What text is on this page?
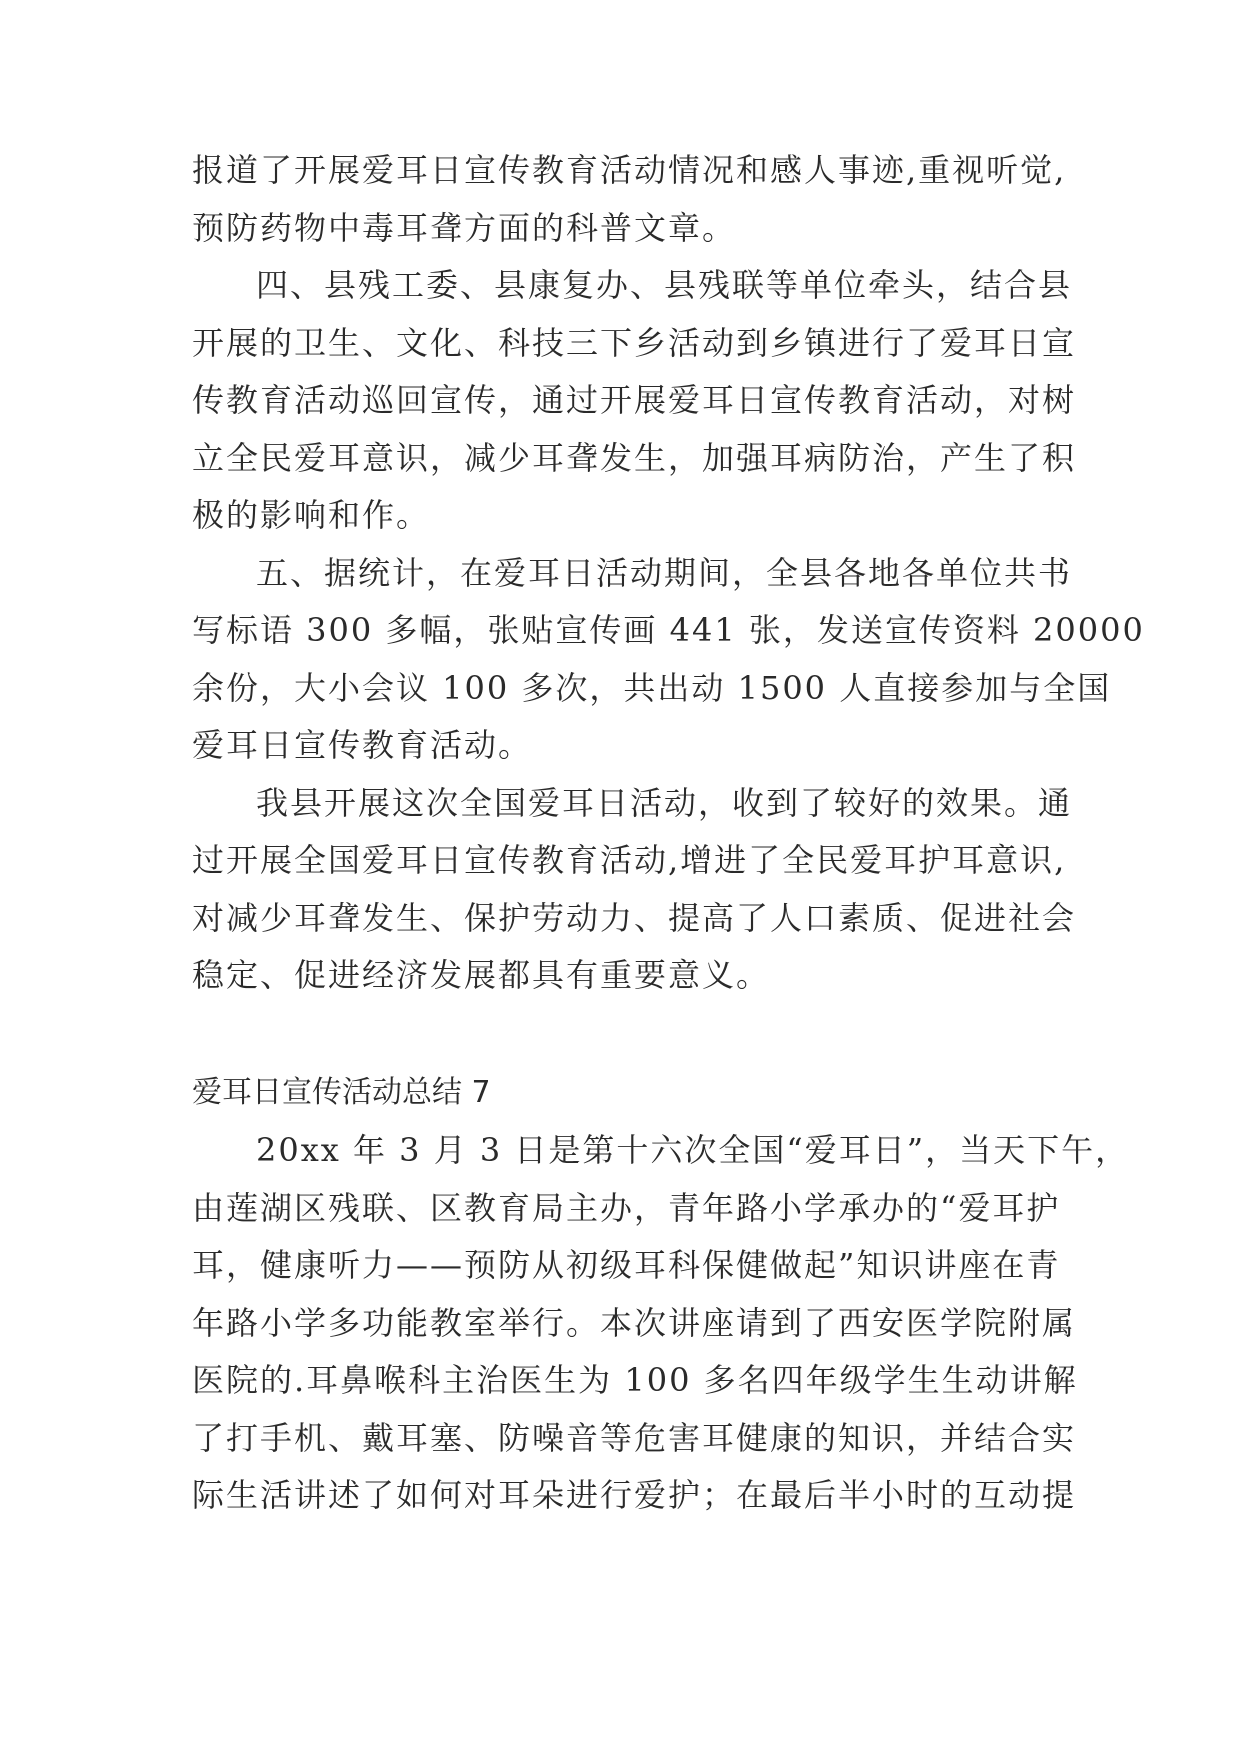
报道了开展爱耳日宣传教育活动情况和感人事迹,重视听觉,
预防药物中毒耳聋方面的科普文章。
四、县残工委、县康复办、县残联等单位牵头，结合县
开展的卫生、文化、科技三下乡活动到乡镇进行了爱耳日宣
传教育活动巡回宣传，通过开展爱耳日宣传教育活动，对树
立全民爱耳意识，减少耳聋发生，加强耳病防治，产生了积
极的影响和作。
五、据统计，在爱耳日活动期间，全县各地各单位共书
写标语 300 多幅，张贴宣传画 441 张，发送宣传资料 20000
余份，大小会议 100 多次，共出动 1500 人直接参加与全国
爱耳日宣传教育活动。
我县开展这次全国爱耳日活动，收到了较好的效果。通
过开展全国爱耳日宣传教育活动,增进了全民爱耳护耳意识,
对减少耳聋发生、保护劳动力、提高了人口素质、促进社会
稳定、促进经济发展都具有重要意义。
爱耳日宣传活动总结 7
20xx 年 3 月 3 日是第十六次全国“爱耳日”，当天下午，
由莲湖区残联、区教育局主办，青年路小学承办的“爱耳护
耳，健康听力——预防从初级耳科保健做起”知识讲座在青
年路小学多功能教室举行。本次讲座请到了西安医学院附属
医院的.耳鼻喉科主治医生为 100 多名四年级学生生动讲解
了打手机、戴耳塞、防噪音等危害耳健康的知识，并结合实
际生活讲述了如何对耳朵进行爱护；在最后半小时的互动提
